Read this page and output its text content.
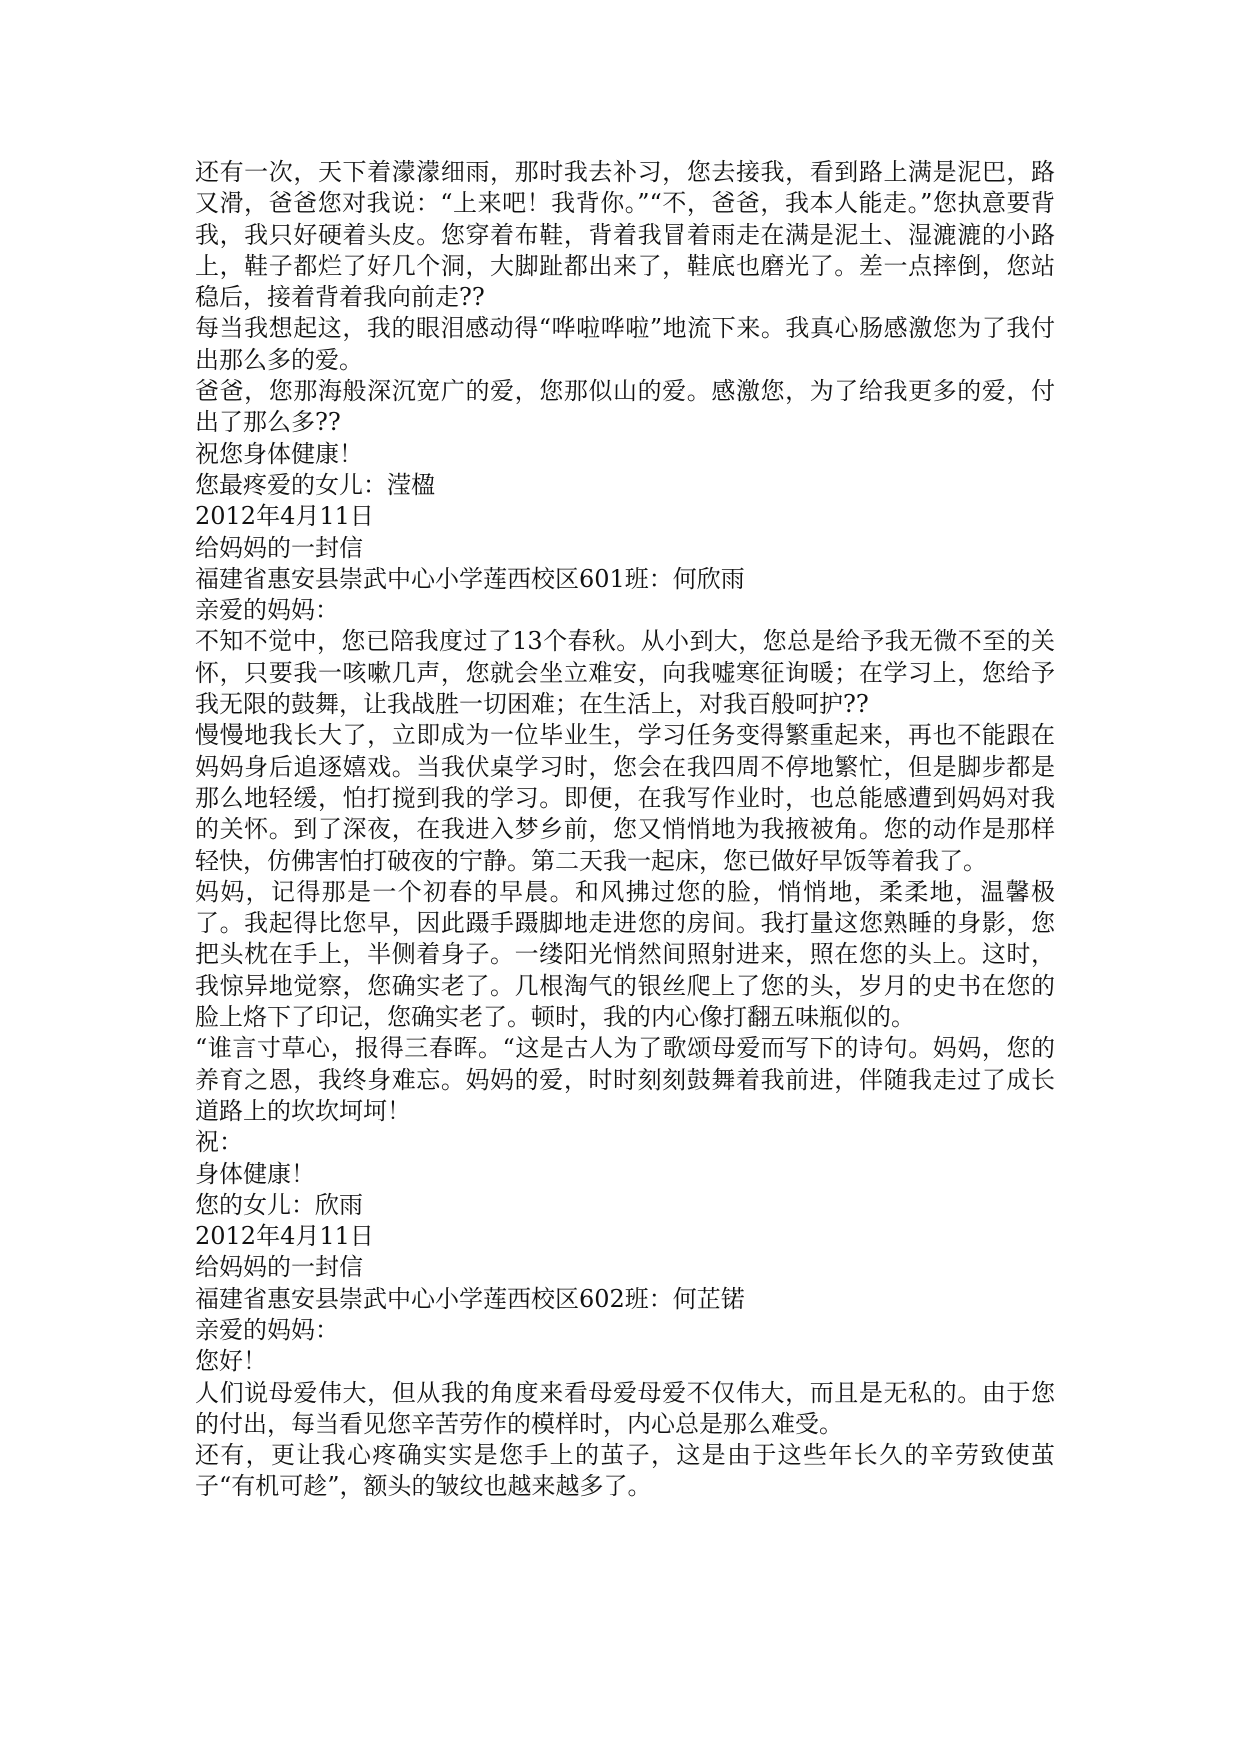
还有一次，天下着濛濛细雨，那时我去补习，您去接我，看到路上满是泥巴，路又滑，爸爸您对我说：“上来吧！我背你。”“不，爸爸，我本人能走。”您执意要背我，我只好硬着头皮。您穿着布鞋，背着我冒着雨走在满是泥土、湿漉漉的小路上，鞋子都烂了好几个洞，大脚趾都出来了，鞋底也磨光了。差一点摔倒，您站稳后，接着背着我向前走??

每当我想起这，我的眼泪感动得“哗啦哗啦”地流下来。我真心肠感激您为了我付出那么多的爱。

爸爸，您那海般深沉宽广的爱，您那似山的爱。感激您，为了给我更多的爱，付出了那么多??

祝您身体健康！

您最疼爱的女儿：滢楹

2012年4月11日

给妈妈的一封信

福建省惠安县崇武中心小学莲西校区601班：何欣雨

亲爱的妈妈：

不知不觉中，您已陪我度过了13个春秋。从小到大，您总是给予我无微不至的关怀，只要我一咳嗽几声，您就会坐立难安，向我嘘寒征询暖；在学习上，您给予我无限的鼓舞，让我战胜一切困难；在生活上，对我百般呵护??

慢慢地我长大了，立即成为一位毕业生，学习任务变得繁重起来，再也不能跟在妈妈身后追逐嬉戏。当我伏桌学习时，您会在我四周不停地繁忙，但是脚步都是那么地轻缓，怕打搅到我的学习。即便，在我写作业时，也总能感遭到妈妈对我的关怀。到了深夜，在我进入梦乡前，您又悄悄地为我掖被角。您的动作是那样轻快，仿佛害怕打破夜的宁静。第二天我一起床，您已做好早饭等着我了。

妈妈，记得那是一个初春的早晨。和风拂过您的脸，悄悄地，柔柔地，温馨极了。我起得比您早，因此蹑手蹑脚地走进您的房间。我打量这您熟睡的身影，您把头枕在手上，半侧着身子。一缕阳光悄然间照射进来，照在您的头上。这时，我惊异地觉察，您确实老了。几根淘气的银丝爬上了您的头，岁月的史书在您的脸上烙下了印记，您确实老了。顿时，我的内心像打翻五味瓶似的。

“谁言寸草心，报得三春晖。“这是古人为了歌颂母爱而写下的诗句。妈妈，您的养育之恩，我终身难忘。妈妈的爱，时时刻刻鼓舞着我前进，伴随我走过了成长道路上的坎坎坷坷！

祝：

身体健康！

您的女儿：欣雨

2012年4月11日

给妈妈的一封信

福建省惠安县崇武中心小学莲西校区602班：何芷锘

亲爱的妈妈：

您好！

人们说母爱伟大，但从我的角度来看母爱母爱不仅伟大，而且是无私的。由于您的付出，每当看见您辛苦劳作的模样时，内心总是那么难受。

还有，更让我心疼确实实是您手上的茧子，这是由于这些年长久的辛劳致使茧子“有机可趁”，额头的皱纹也越来越多了。
